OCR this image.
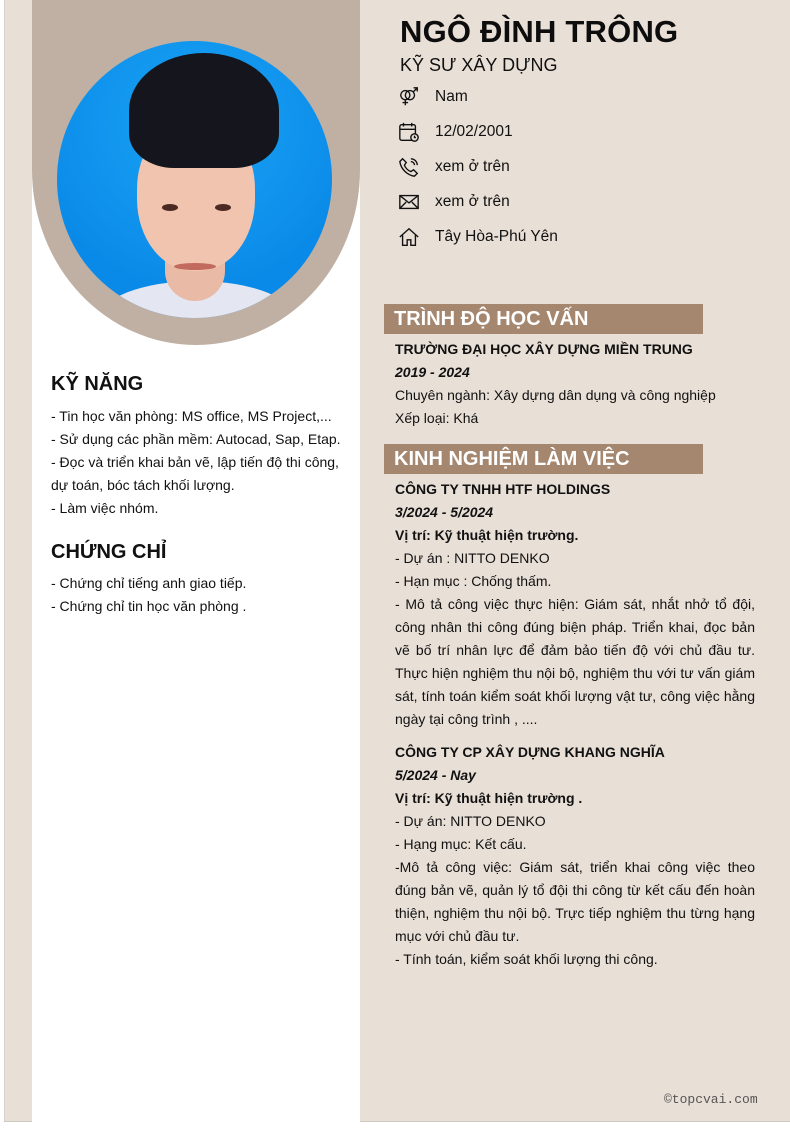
KỸ NĂNG
- Tin học văn phòng: MS office, MS Project,...
- Sử dụng các phần mềm: Autocad, Sap, Etap.
- Đọc và triển khai bản vẽ, lập tiến độ thi công, dự toán, bóc tách khối lượng.
- Làm việc nhóm.
CHỨNG CHỈ
- Chứng chỉ tiếng anh giao tiếp.
- Chứng chỉ tin học văn phòng .
NGÔ ĐÌNH TRÔNG
KỸ SƯ XÂY DỰNG
Nam
12/02/2001
xem ở trên
xem ở trên
Tây Hòa-Phú Yên
TRÌNH ĐỘ HỌC VẤN
TRƯỜNG ĐẠI HỌC XÂY DỰNG MIỀN TRUNG
2019 - 2024
Chuyên ngành: Xây dựng dân dụng và công nghiệp
Xếp loại: Khá
KINH NGHIỆM LÀM VIỆC
CÔNG TY TNHH HTF HOLDINGS
3/2024 - 5/2024
Vị trí: Kỹ thuật hiện trường.
- Dự án : NITTO DENKO
- Hạn mục : Chống thấm.
- Mô tả công việc thực hiện: Giám sát, nhắt nhở tổ đội, công nhân thi công đúng biện pháp. Triển khai, đọc bản vẽ bố trí nhân lực để đảm bảo tiến độ với chủ đầu tư. Thực hiện nghiệm thu nội bộ, nghiệm thu với tư vấn giám sát, tính toán kiểm soát khối lượng vật tư, công việc hằng ngày tại công trình , ....
CÔNG TY CP XÂY DỰNG KHANG NGHĨA
5/2024 - Nay
Vị trí: Kỹ thuật hiện trường .
- Dự án: NITTO DENKO
- Hạng mục: Kết cấu.
-Mô tả công việc: Giám sát, triển khai công việc theo đúng bản vẽ, quản lý tổ đội thi công từ kết cấu đến hoàn thiện, nghiệm thu nội bộ. Trực tiếp nghiệm thu từng hạng mục với chủ đầu tư.
- Tính toán, kiểm soát khối lượng thi công.
©topcvai.com
